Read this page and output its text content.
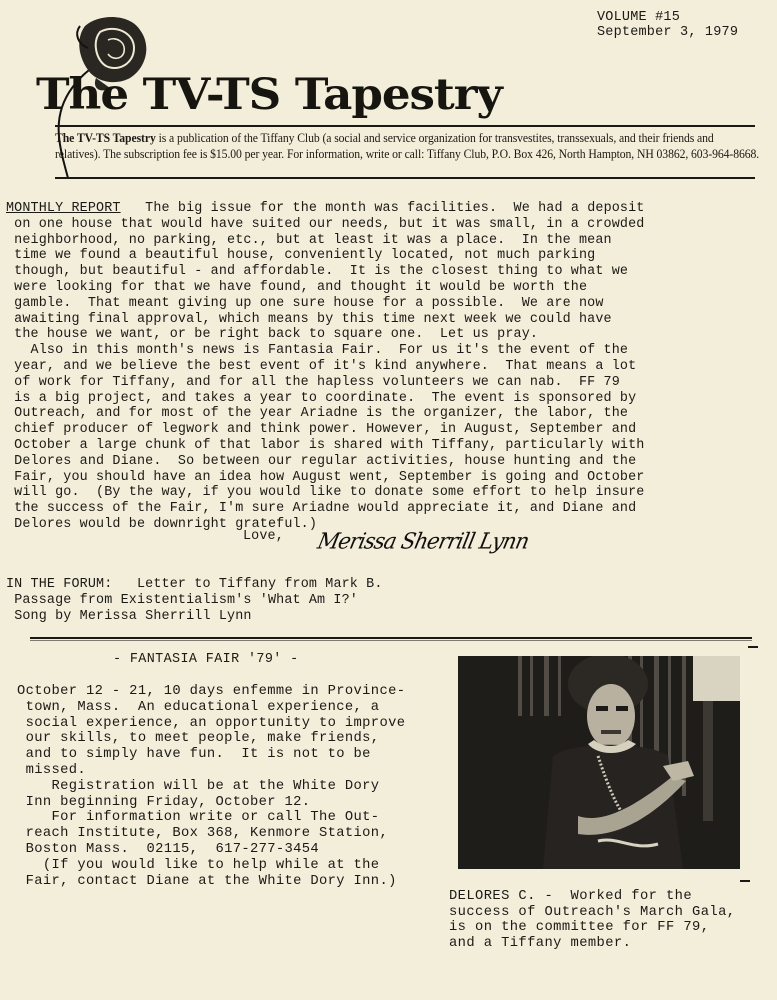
VOLUME #15
September 3, 1979
The TV-TS Tapestry
The TV-TS Tapestry is a publication of the Tiffany Club (a social and service organization for transvestites, transsexuals, and their friends and relatives). The subscription fee is $15.00 per year. For information, write or call: Tiffany Club, P.O. Box 426, North Hampton, NH 03862, 603-964-8668.
MONTHLY REPORT   The big issue for the month was facilities.  We had a deposit
on one house that would have suited our needs, but it was small, in a crowded
neighborhood, no parking, etc., but at least it was a place.  In the mean
time we found a beautiful house, conveniently located, not much parking
though, but beautiful - and affordable.  It is the closest thing to what we
were looking for that we have found, and thought it would be worth the
gamble.  That meant giving up one sure house for a possible.  We are now
awaiting final approval, which means by this time next week we could have
the house we want, or be right back to square one.  Let us pray.
Also in this month's news is Fantasia Fair.  For us it's the event of the
year, and we believe the best event of it's kind anywhere.  That means a lot
of work for Tiffany, and for all the hapless volunteers we can nab.  FF 79
is a big project, and takes a year to coordinate.  The event is sponsored by
Outreach, and for most of the year Ariadne is the organizer, the labor, the
chief producer of legwork and think power. However, in August, September and
October a large chunk of that labor is shared with Tiffany, particularly with
Delores and Diane.  So between our regular activities, house hunting and the
Fair, you should have an idea how August went, September is going and October
will go.  (By the way, if you would like to donate some effort to help insure
the success of the Fair, I'm sure Ariadne would appreciate it, and Diane and
Delores would be downright grateful.)
Love, Merissa Sherrill Lynn
IN THE FORUM: Letter to Tiffany from Mark B.
Passage from Existentialism's 'What Am I?'
Song by Merissa Sherrill Lynn
- FANTASIA FAIR '79' -
October 12 - 21, 10 days enfemme in Province-
town, Mass.  An educational experience, a
social experience, an opportunity to improve
our skills, to meet people, make friends,
and to simply have fun.  It is not to be
missed.
Registration will be at the White Dory
Inn beginning Friday, October 12.
For information write or call The Out-
reach Institute, Box 368, Kenmore Station,
Boston Mass.  02115,  617-277-3454
(If you would like to help while at the
Fair, contact Diane at the White Dory Inn.)
DELORES C. -  Worked for the
success of Outreach's March Gala,
is on the committee for FF 79,
and a Tiffany member.
